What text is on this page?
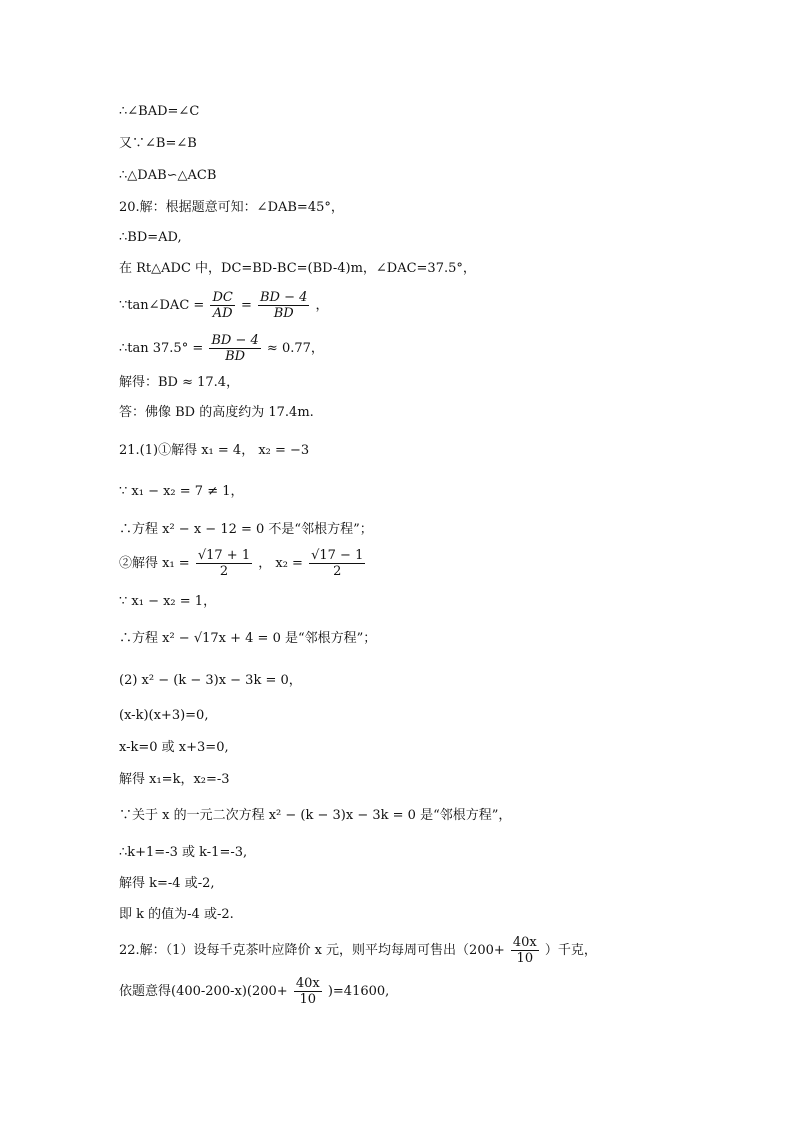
∴∠BAD=∠C
又∵∠B=∠B
∴△DAB∽△ACB
20.解：根据题意可知：∠DAB=45°，
∴BD=AD,
在 Rt△ADC 中，DC=BD-BC=(BD-4)m，∠DAC=37.5°，
∵tan∠DAC = $\frac{DC}{AD} = \frac{BD - 4}{BD}$ ，
∴tan $37.5^\circ = \frac{BD - 4}{BD} \approx 0.77$，
解得：BD ≈ 17.4，
答：佛像 BD 的高度约为 17.4m.
21.(1)①解得 x₁ = 4， x₂ = −3
∵ x₁ − x₂ = 7 ≠ 1，
∴方程 x² − x − 12 = 0 不是“邻根方程”；
②解得 $x_1 = \frac{√17 + 1}{2}$ ， $x_2 = \frac{√17 - 1}{2}$
∵ x₁ − x₂ = 1，
∴方程 x² − √17x + 4 = 0 是“邻根方程”；
(2) x² − (k − 3)x − 3k = 0，
(x-k)(x+3)=0,
x-k=0 或 x+3=0,
解得 x₁=k，x₂=-3
∵关于 x 的一元二次方程 x² − (k − 3)x − 3k = 0 是“邻根方程”，
∴k+1=-3 或 k-1=-3,
解得 k=-4 或-2,
即 k 的值为-4 或-2.
22.解：（1）设每千克茶叶应降价 x 元，则平均每周可售出（$200+ \frac{40x}{10}$ ）千克，
依题意得$(400-200-x)(200+ \frac{40x}{10} )=41600$,
